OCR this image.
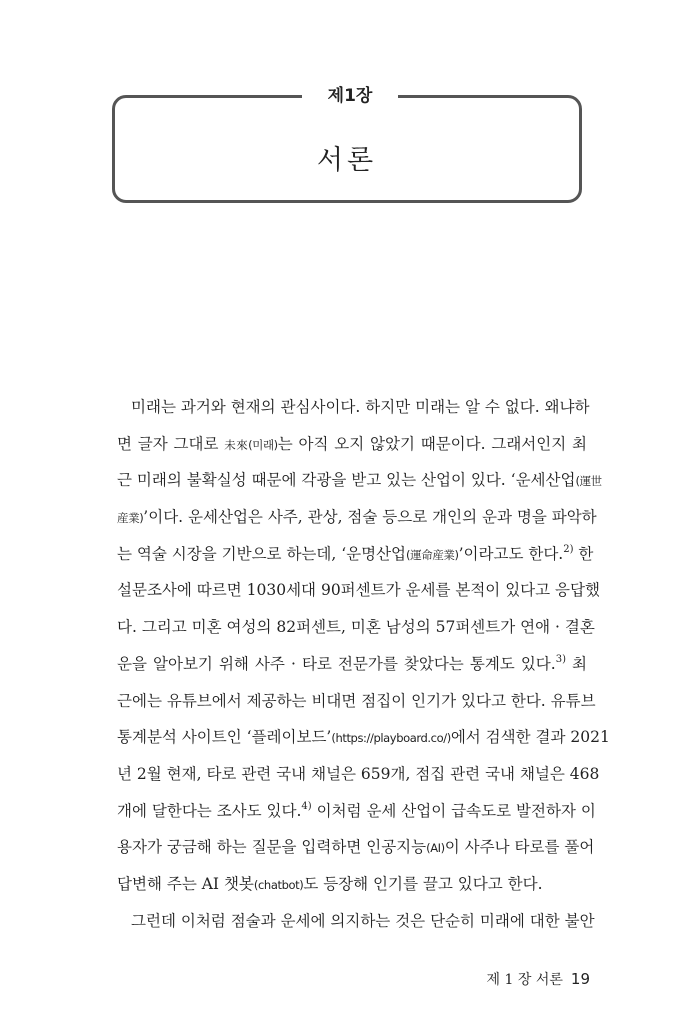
제1장
서론
미래는 과거와 현재의 관심사이다. 하지만 미래는 알 수 없다. 왜냐하
면 글자 그대로 未來(미래)는 아직 오지 않았기 때문이다. 그래서인지 최
근 미래의 불확실성 때문에 각광을 받고 있는 산업이 있다. ‘운세산업(運世
産業)’이다. 운세산업은 사주, 관상, 점술 등으로 개인의 운과 명을 파악하
는 역술 시장을 기반으로 하는데, ‘운명산업(運命産業)’이라고도 한다.$^{2)}$ 한
설문조사에 따르면 1030세대 90퍼센트가 운세를 본적이 있다고 응답했
다. 그리고 미혼 여성의 82퍼센트, 미혼 남성의 57퍼센트가 연애 · 결혼
운을 알아보기 위해 사주 · 타로 전문가를 찾았다는 통계도 있다.$^{3)}$ 최
근에는 유튜브에서 제공하는 비대면 점집이 인기가 있다고 한다. 유튜브
통계분석 사이트인 ‘플레이보드’(https://playboard.co/)에서 검색한 결과 2021
년 2월 현재, 타로 관련 국내 채널은 659개, 점집 관련 국내 채널은 468
개에 달한다는 조사도 있다.$^{4)}$ 이처럼 운세 산업이 급속도로 발전하자 이
용자가 궁금해 하는 질문을 입력하면 인공지능(AI)이 사주나 타로를 풀어
답변해 주는 AI 챗봇(chatbot)도 등장해 인기를 끌고 있다고 한다.
그런데 이처럼 점술과 운세에 의지하는 것은 단순히 미래에 대한 불안
제 1 장 서론 19
